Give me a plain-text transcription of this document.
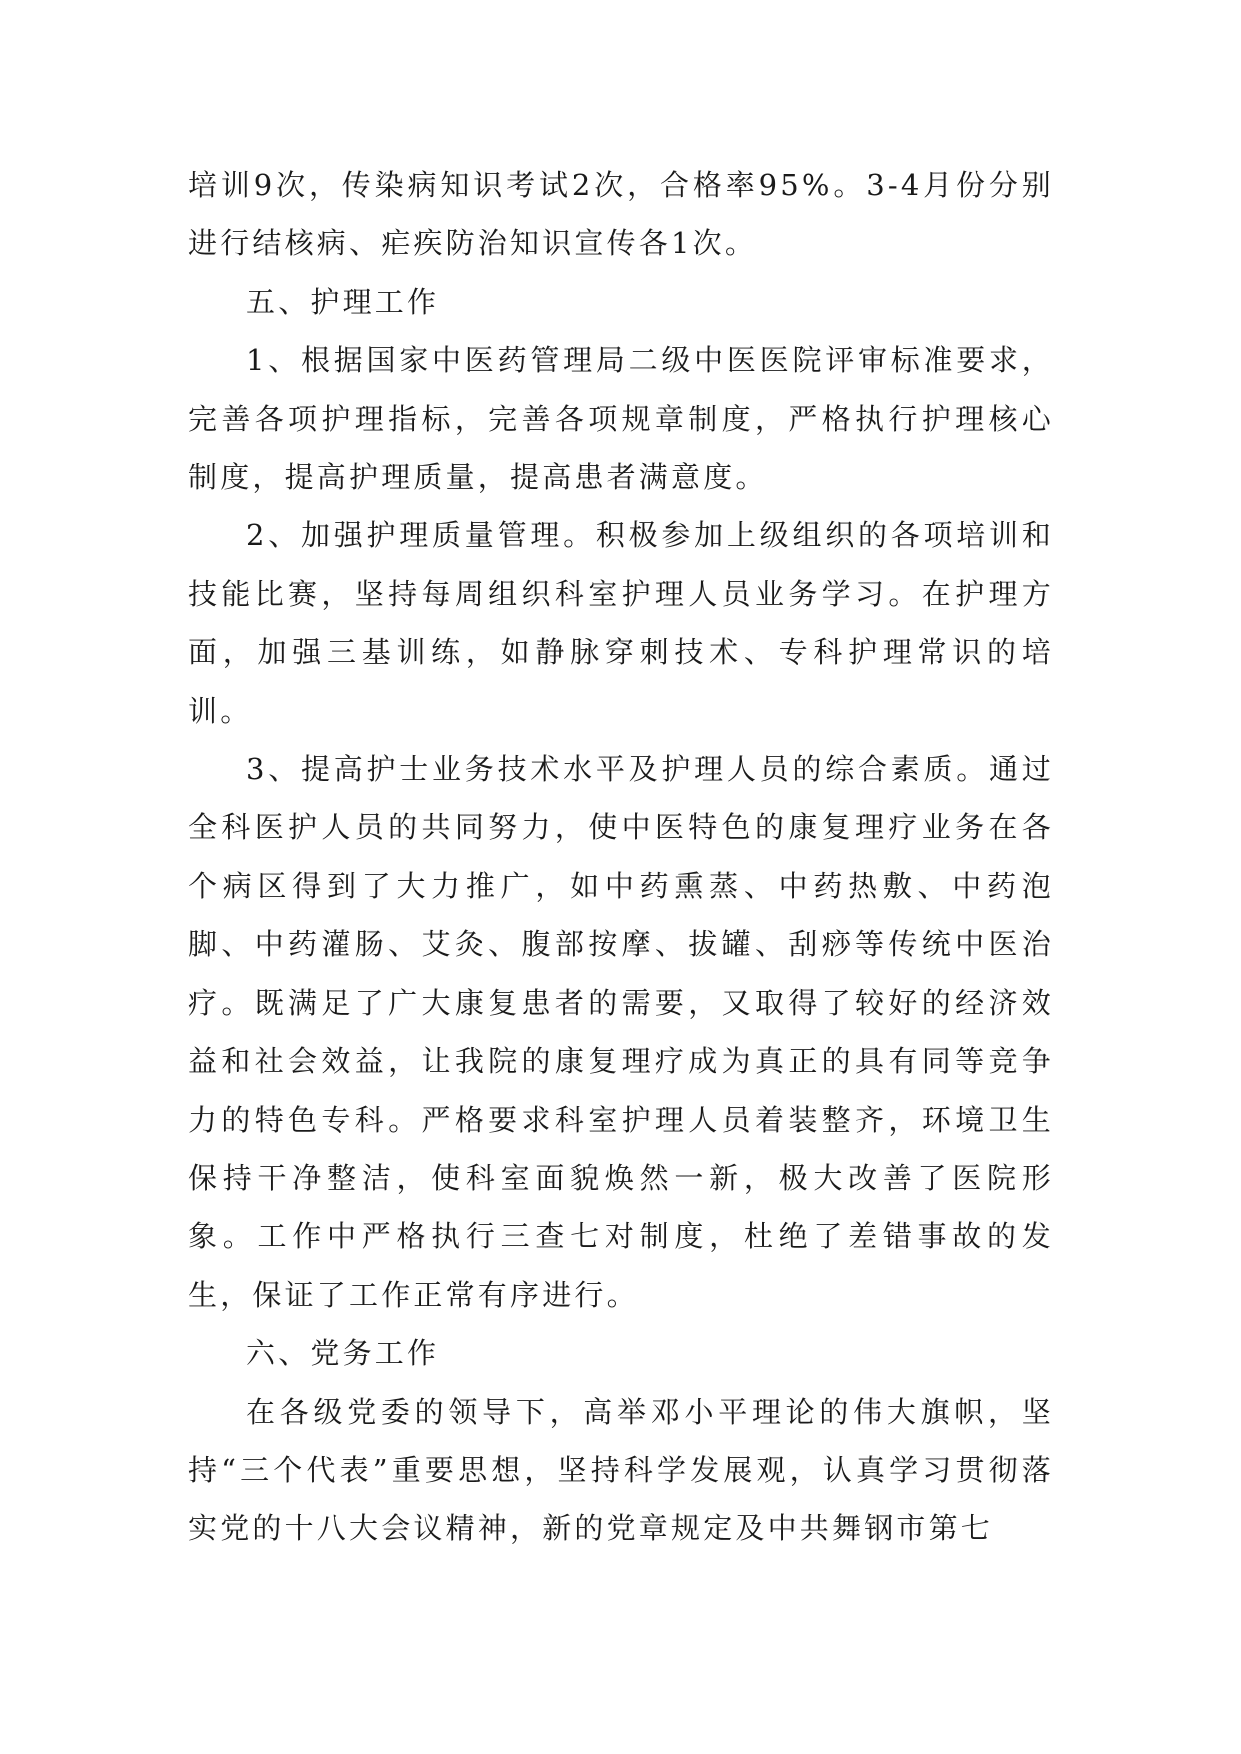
培训9次，传染病知识考试2次，合格率95%。3-4月份分别进行结核病、疟疾防治知识宣传各1次。

五、护理工作

1、根据国家中医药管理局二级中医医院评审标准要求，完善各项护理指标，完善各项规章制度，严格执行护理核心制度，提高护理质量，提高患者满意度。

2、加强护理质量管理。积极参加上级组织的各项培训和技能比赛，坚持每周组织科室护理人员业务学习。在护理方面，加强三基训练，如静脉穿刺技术、专科护理常识的培训。

3、提高护士业务技术水平及护理人员的综合素质。通过全科医护人员的共同努力，使中医特色的康复理疗业务在各个病区得到了大力推广，如中药熏蒸、中药热敷、中药泡脚、中药灌肠、艾灸、腹部按摩、拔罐、刮痧等传统中医治疗。既满足了广大康复患者的需要，又取得了较好的经济效益和社会效益，让我院的康复理疗成为真正的具有同等竞争力的特色专科。严格要求科室护理人员着装整齐，环境卫生保持干净整洁，使科室面貌焕然一新，极大改善了医院形象。工作中严格执行三查七对制度，杜绝了差错事故的发生，保证了工作正常有序进行。

六、党务工作

在各级党委的领导下，高举邓小平理论的伟大旗帜，坚持“三个代表”重要思想，坚持科学发展观，认真学习贯彻落实党的十八大会议精神，新的党章规定及中共舞钢市第七
